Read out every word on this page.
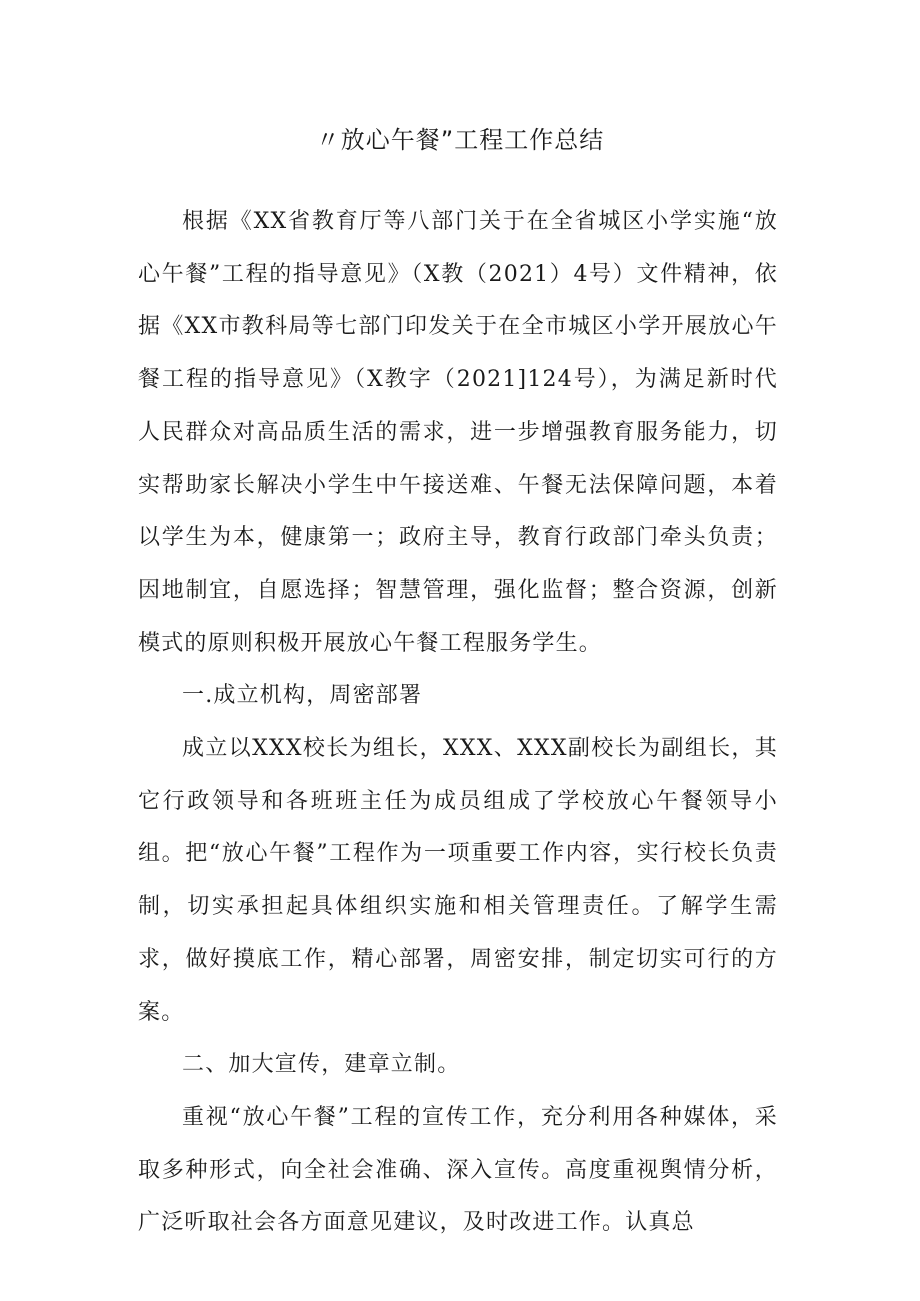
〃放心午餐”工程工作总结

根据《XX省教育厅等八部门关于在全省城区小学实施“放心午餐”工程的指导意见》（X教（2021）4号）文件精神，依据《XX市教科局等七部门印发关于在全市城区小学开展放心午餐工程的指导意见》（X教字（2021]124号），为满足新时代人民群众对高品质生活的需求，进一步增强教育服务能力，切实帮助家长解决小学生中午接送难、午餐无法保障问题，本着以学生为本，健康第一；政府主导，教育行政部门牵头负责；因地制宜，自愿选择；智慧管理，强化监督；整合资源，创新模式的原则积极开展放心午餐工程服务学生。

一.成立机构，周密部署

成立以XXX校长为组长，XXX、XXX副校长为副组长，其它行政领导和各班班主任为成员组成了学校放心午餐领导小组。把“放心午餐”工程作为一项重要工作内容，实行校长负责制，切实承担起具体组织实施和相关管理责任。了解学生需求，做好摸底工作，精心部署，周密安排，制定切实可行的方案。

二、加大宣传，建章立制。

重视“放心午餐”工程的宣传工作，充分利用各种媒体，采取多种形式，向全社会准确、深入宣传。高度重视舆情分析，广泛听取社会各方面意见建议，及时改进工作。认真总
